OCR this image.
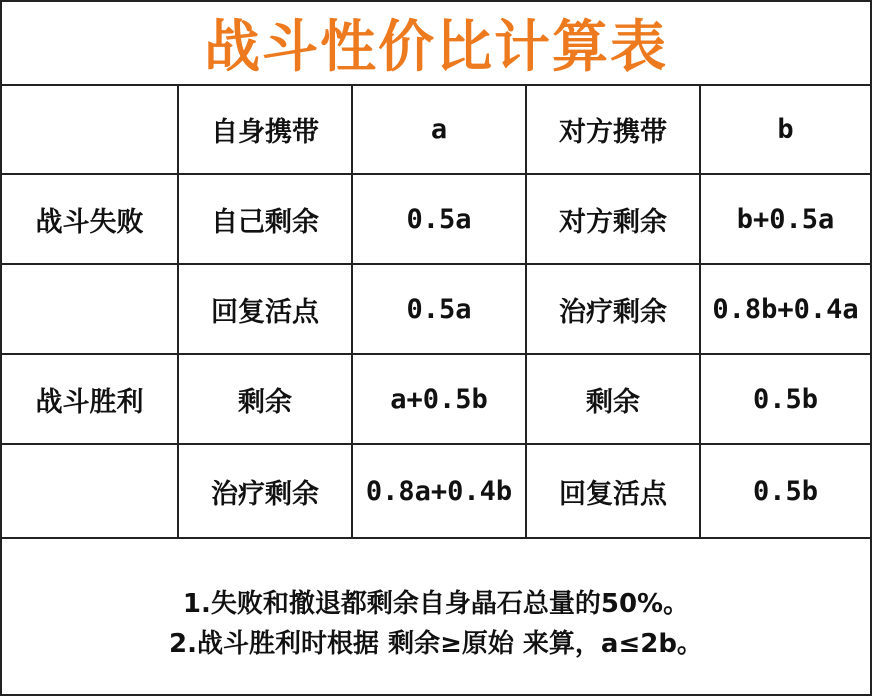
战斗性价比计算表
	自身携带	a	对方携带	b
战斗失败	自己剩余	0.5a	对方剩余	b+0.5a
	回复活点	0.5a	治疗剩余	0.8b+0.4a
战斗胜利	剩余	a+0.5b	剩余	0.5b
	治疗剩余	0.8a+0.4b	回复活点	0.5b
1.失败和撤退都剩余自身晶石总量的50%。
2.战斗胜利时根据 剩余≥原始 来算，a≤2b。
